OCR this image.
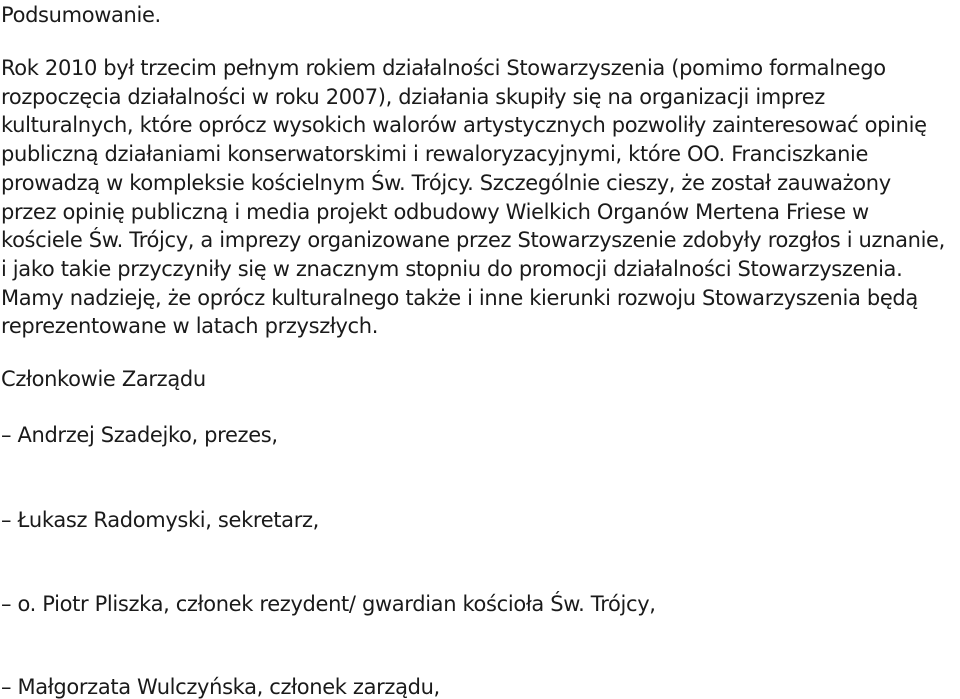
Podsumowanie.
Rok 2010 był trzecim pełnym rokiem działalności Stowarzyszenia (pomimo formalnego
rozpoczęcia działalności w roku 2007), działania skupiły się na organizacji imprez
kulturalnych, które oprócz wysokich walorów artystycznych pozwoliły zainteresować opinię
publiczną działaniami konserwatorskimi i rewaloryzacyjnymi, które OO. Franciszkanie
prowadzą w kompleksie kościelnym Św. Trójcy. Szczególnie cieszy, że został zauważony
przez opinię publiczną i media projekt odbudowy Wielkich Organów Mertena Friese w
kościele Św. Trójcy, a imprezy organizowane przez Stowarzyszenie zdobyły rozgłos i uznanie,
i jako takie przyczyniły się w znacznym stopniu do promocji działalności Stowarzyszenia.
Mamy nadzieję, że oprócz kulturalnego także i inne kierunki rozwoju Stowarzyszenia będą
reprezentowane w latach przyszłych.
Członkowie Zarządu
– Andrzej Szadejko, prezes,
– Łukasz Radomyski, sekretarz,
– o. Piotr Pliszka, członek rezydent/ gwardian kościoła Św. Trójcy,
– Małgorzata Wulczyńska, członek zarządu,
